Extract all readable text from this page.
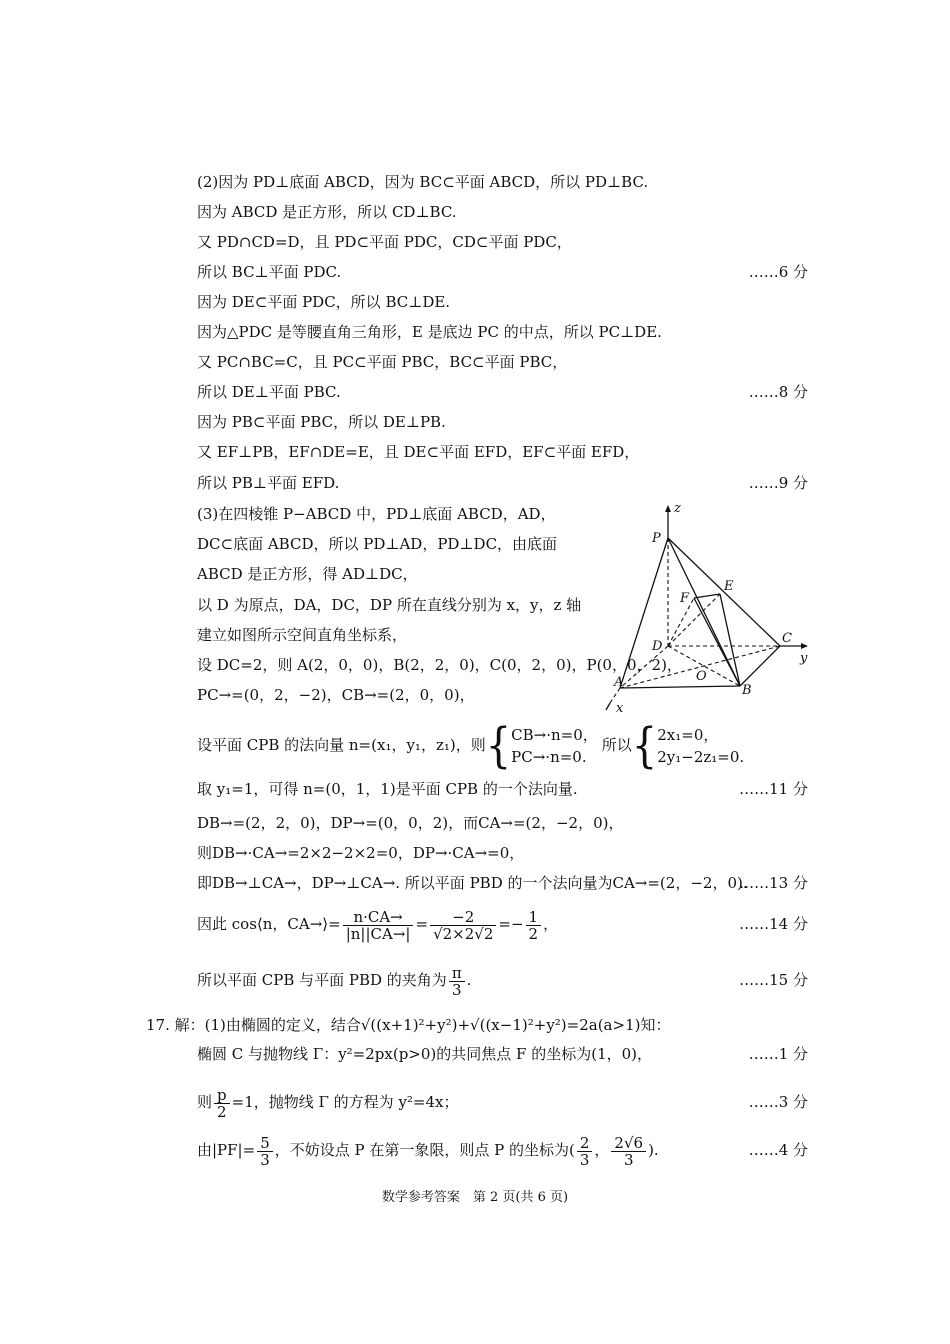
(2)因为 PD⊥底面 ABCD，因为 BC⊂平面 ABCD，所以 PD⊥BC.
因为 ABCD 是正方形，所以 CD⊥BC.
又 PD∩CD=D，且 PD⊂平面 PDC，CD⊂平面 PDC，
所以 BC⊥平面 PDC.	……6 分
因为 DE⊂平面 PDC，所以 BC⊥DE.
因为△PDC 是等腰直角三角形，E 是底边 PC 的中点，所以 PC⊥DE.
又 PC∩BC=C，且 PC⊂平面 PBC，BC⊂平面 PBC，
所以 DE⊥平面 PBC.	……8 分
因为 PB⊂平面 PBC，所以 DE⊥PB.
又 EF⊥PB，EF∩DE=E，且 DE⊂平面 EFD，EF⊂平面 EFD，
所以 PB⊥平面 EFD.	……9 分
(3)在四棱锥 P−ABCD 中，PD⊥底面 ABCD，AD，
DC⊂底面 ABCD，所以 PD⊥AD，PD⊥DC，由底面
ABCD 是正方形，得 AD⊥DC，
以 D 为原点，DA，DC，DP 所在直线分别为 x，y，z 轴
建立如图所示空间直角坐标系，
设 DC=2，则 A(2，0，0)，B(2，2，0)，C(0，2，0)，P(0，0，2)，
PC→=(0，2，−2)，CB→=(2，0，0)，
设平面 CPB 的法向量 n=(x₁，y₁，z₁)，则{ CB→·n=0，
PC→·n=0.
所以{ 2x₁=0，
2y₁−2z₁=0.
取 y₁=1，可得 n=(0，1，1)是平面 CPB 的一个法向量.	……11 分
DB→=(2，2，0)，DP→=(0，0，2)，而CA→=(2，−2，0)，
则DB→·CA→=2×2−2×2=0，DP→·CA→=0，
即DB→⊥CA→，DP→⊥CA→. 所以平面 PBD 的一个法向量为CA→=(2，−2，0).
……13 分
因此 cos⟨n，CA→⟩= $\frac{n\cdot CA\to}{|n||CA\to|} = \frac{-2}{√2\times 2√2} =- \frac{1}{2}$ ，	……14 分
所以平面 CPB 与平面 PBD 的夹角为 $\frac{\pi}{3}$ .	……15 分
17. 解：(1)由椭圆的定义，结合√((x+1)²+y²)+√((x−1)²+y²)=2a(a>1)知：
椭圆 C 与抛物线 Γ：y²=2px(p>0)的共同焦点 F 的坐标为(1，0)，	……1 分
则 $\frac{p}{2} =1$，抛物线 Γ 的方程为 y²=4x；	……3 分
由$|PF|= \frac{5}{3}$ ，不妨设点 P 在第一象限，则点 P 的坐标为( $\frac{2}{3}$ ， $\frac{2√6}{3}$ ).	……4 分
数学参考答案　第 2 页(共 6 页)
z
P
E
F
D
C
y
O
A
B
x
